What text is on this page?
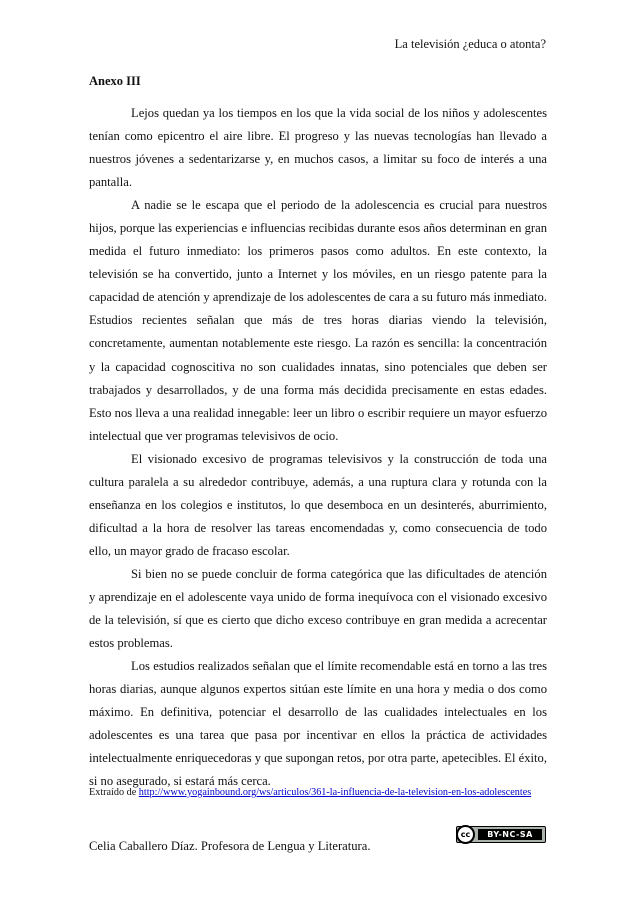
La televisión ¿educa o atonta?
Anexo III

Lejos quedan ya los tiempos en los que la vida social de los niños y adolescentes tenían como epicentro el aire libre. El progreso y las nuevas tecnologías han llevado a nuestros jóvenes a sedentarizarse y, en muchos casos, a limitar su foco de interés a una pantalla.

A nadie se le escapa que el periodo de la adolescencia es crucial para nuestros hijos, porque las experiencias e influencias recibidas durante esos años determinan en gran medida el futuro inmediato: los primeros pasos como adultos. En este contexto, la televisión se ha convertido, junto a Internet y los móviles, en un riesgo patente para la capacidad de atención y aprendizaje de los adolescentes de cara a su futuro más inmediato. Estudios recientes señalan que más de tres horas diarias viendo la televisión, concretamente, aumentan notablemente este riesgo. La razón es sencilla: la concentración y la capacidad cognoscitiva no son cualidades innatas, sino potenciales que deben ser trabajados y desarrollados, y de una forma más decidida precisamente en estas edades. Esto nos lleva a una realidad innegable: leer un libro o escribir requiere un mayor esfuerzo intelectual que ver programas televisivos de ocio.

El visionado excesivo de programas televisivos y la construcción de toda una cultura paralela a su alrededor contribuye, además, a una ruptura clara y rotunda con la enseñanza en los colegios e institutos, lo que desemboca en un desinterés, aburrimiento, dificultad a la hora de resolver las tareas encomendadas y, como consecuencia de todo ello, un mayor grado de fracaso escolar.

Si bien no se puede concluir de forma categórica que las dificultades de atención y aprendizaje en el adolescente vaya unido de forma inequívoca con el visionado excesivo de la televisión, sí que es cierto que dicho exceso contribuye en gran medida a acrecentar estos problemas.

Los estudios realizados señalan que el límite recomendable está en torno a las tres horas diarias, aunque algunos expertos sitúan este límite en una hora y media o dos como máximo. En definitiva, potenciar el desarrollo de las cualidades intelectuales en los adolescentes es una tarea que pasa por incentivar en ellos la práctica de actividades intelectualmente enriquecedoras y que supongan retos, por otra parte, apetecibles. El éxito, si no asegurado, si estará más cerca.

Extraído de http://www.yogainbound.org/ws/articulos/361-la-influencia-de-la-television-en-los-adolescentes
Celia Caballero Díaz. Profesora de Lengua y Literatura.
cc	BY-NC-SA
